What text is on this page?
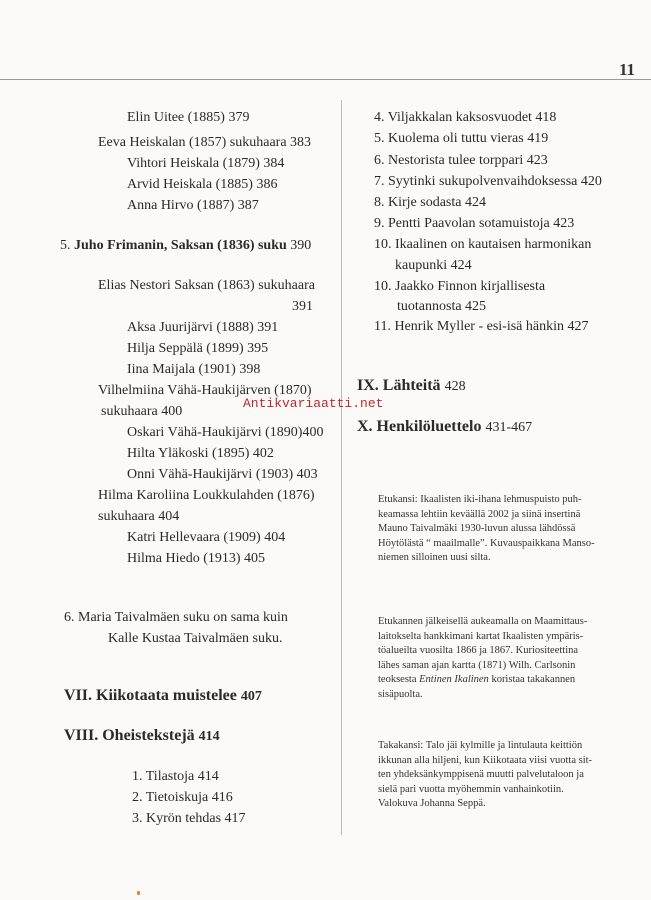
11
Elin Uitee (1885) 379
Eeva Heiskalan (1857) sukuhaara 383
Vihtori Heiskala (1879) 384
Arvid Heiskala (1885) 386
Anna Hirvo (1887) 387
5. Juho Frimanin, Saksan (1836) suku 390
Elias Nestori Saksan (1863) sukuhaara
391
Aksa Juurijärvi (1888) 391
Hilja Seppälä (1899) 395
Iina Maijala (1901) 398
Vilhelmiina Vähä-Haukijärven (1870)
sukuhaara 400
Oskari Vähä-Haukijärvi (1890)400
Hilta Yläkoski (1895) 402
Onni Vähä-Haukijärvi (1903) 403
Hilma Karoliina Loukkulahden (1876)
sukuhaara 404
Katri Hellevaara (1909) 404
Hilma Hiedo (1913) 405
6. Maria Taivalmäen suku on sama kuin
Kalle Kustaa Taivalmäen suku.
VII. Kiikotaata muistelee 407
VIII. Oheistekstejä 414
1. Tilastoja 414
2. Tietoiskuja 416
3. Kyrön tehdas 417
4. Viljakkalan kaksosvuodet 418
5. Kuolema oli tuttu vieras 419
6. Nestorista tulee torppari 423
7. Syytinki sukupolvenvaihdoksessa 420
8. Kirje sodasta 424
9. Pentti Paavolan sotamuistoja 423
10. Ikaalinen on kautaisen harmonikan
kaupunki 424
10. Jaakko Finnon kirjallisesta
tuotannosta 425
11. Henrik Myller - esi-isä hänkin 427
IX. Lähteitä 428
X. Henkilöluettelo 431-467
Antikvariaatti.net
Etukansi: Ikaalisten iki-ihana lehmuspuisto puh-
keamassa lehtiin keväällä 2002 ja siinä insertinä
Mauno Taivalmäki 1930-luvun alussa lähdössä
Höytölästä “ maailmalle”. Kuvauspaikkana Manso-
niemen silloinen uusi silta.
Etukannen jälkeisellä aukeamalla on Maamittaus-
laitokselta hankkimani kartat Ikaalisten ympäris-
töalueilta vuosilta 1866 ja 1867. Kuriositeettina
lähes saman ajan kartta (1871) Wilh. Carlsonin
teoksesta Entinen Ikalinen koristaa takakannen
sisäpuolta.
Takakansi: Talo jäi kylmille ja lintulauta keittiön
ikkunan alla hiljeni, kun Kiikotaata viisi vuotta sit-
ten yhdeksänkymppisenä muutti palvelutaloon ja
sielä pari vuotta myöhemmin vanhainkotiin.
Valokuva Johanna Seppä.
